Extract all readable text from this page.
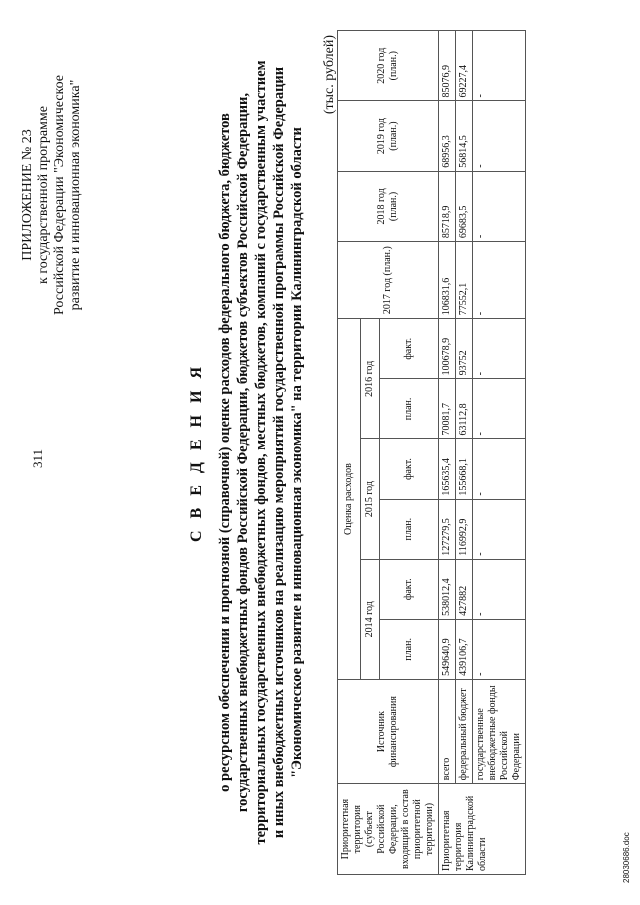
311
ПРИЛОЖЕНИЕ № 23 к государственной программе Российской Федерации "Экономическое развитие и инновационная экономика"
С В Е Д Е Н И Я о ресурсном обеспечении и прогнозной (справочной) оценке расходов федерального бюджета, бюджетов государственных внебюджетных фондов Российской Федерации, бюджетов субъектов Российской Федерации, территориальных государственных внебюджетных фондов, местных бюджетов, компаний с государственным участием и иных внебюджетных источников на реализацию мероприятий государственной программы Российской Федерации "Экономическое развитие и инновационная экономика" на территории Калининградской области
(тыс. рублей)
Приоритетная территория (субъект Российской Федерации, входящий в состав приоритетной территории)	Источник финансирования	Оценка расходов						2017 год (план.)	2018 год (план.)	2019 год (план.)	2020 год (план.)
		2014 год		2015 год		2016 год					
		план.	факт.	план.	факт.	план.	факт.				
Приоритетная территория Калининградской области	всего	549640,9	538012,4	127279,5	165635,4	70081,7	100678,9	106831,6	85718,9	68956,3	85076,9
	федеральный бюджет	439106,7	427882	116992,9	155668,1	63112,8	93752	77552,1	69683,5	56814,5	69227,4
	государственные внебюджетные фонды Российской Федерации	-	-	-	-	-	-	-	-	-	-
28030686.doc
